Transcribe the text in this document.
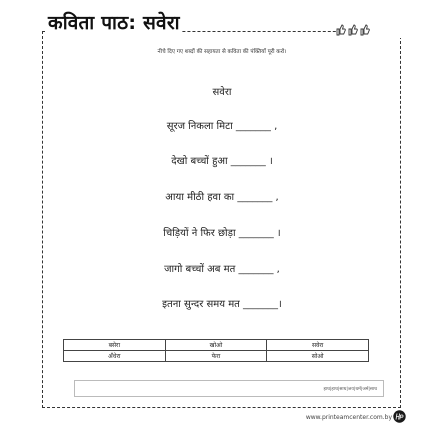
कविता पाठ: सवेरा
नीचे दिए गए शब्दों की सहायता से कविता की पंक्तियाँ पूरी करो।
सवेरा
सूरज निकला मिटा _______ ,
देखो बच्चों हुआ _______ ।
आया मीठी हवा का _______ ,
चिड़ियों ने फिर छोड़ा _______ ।
जागो बच्चों अब मत _______ ,
इतना सुन्दर समय मत _______।
बसेरा	खोओ	सवेरा
अँधेरा	फेरा	सोओ
हाथ|हाथ|साथ|जय|धर्म|जर्म|साथ
www.printeamcenter.com.by
